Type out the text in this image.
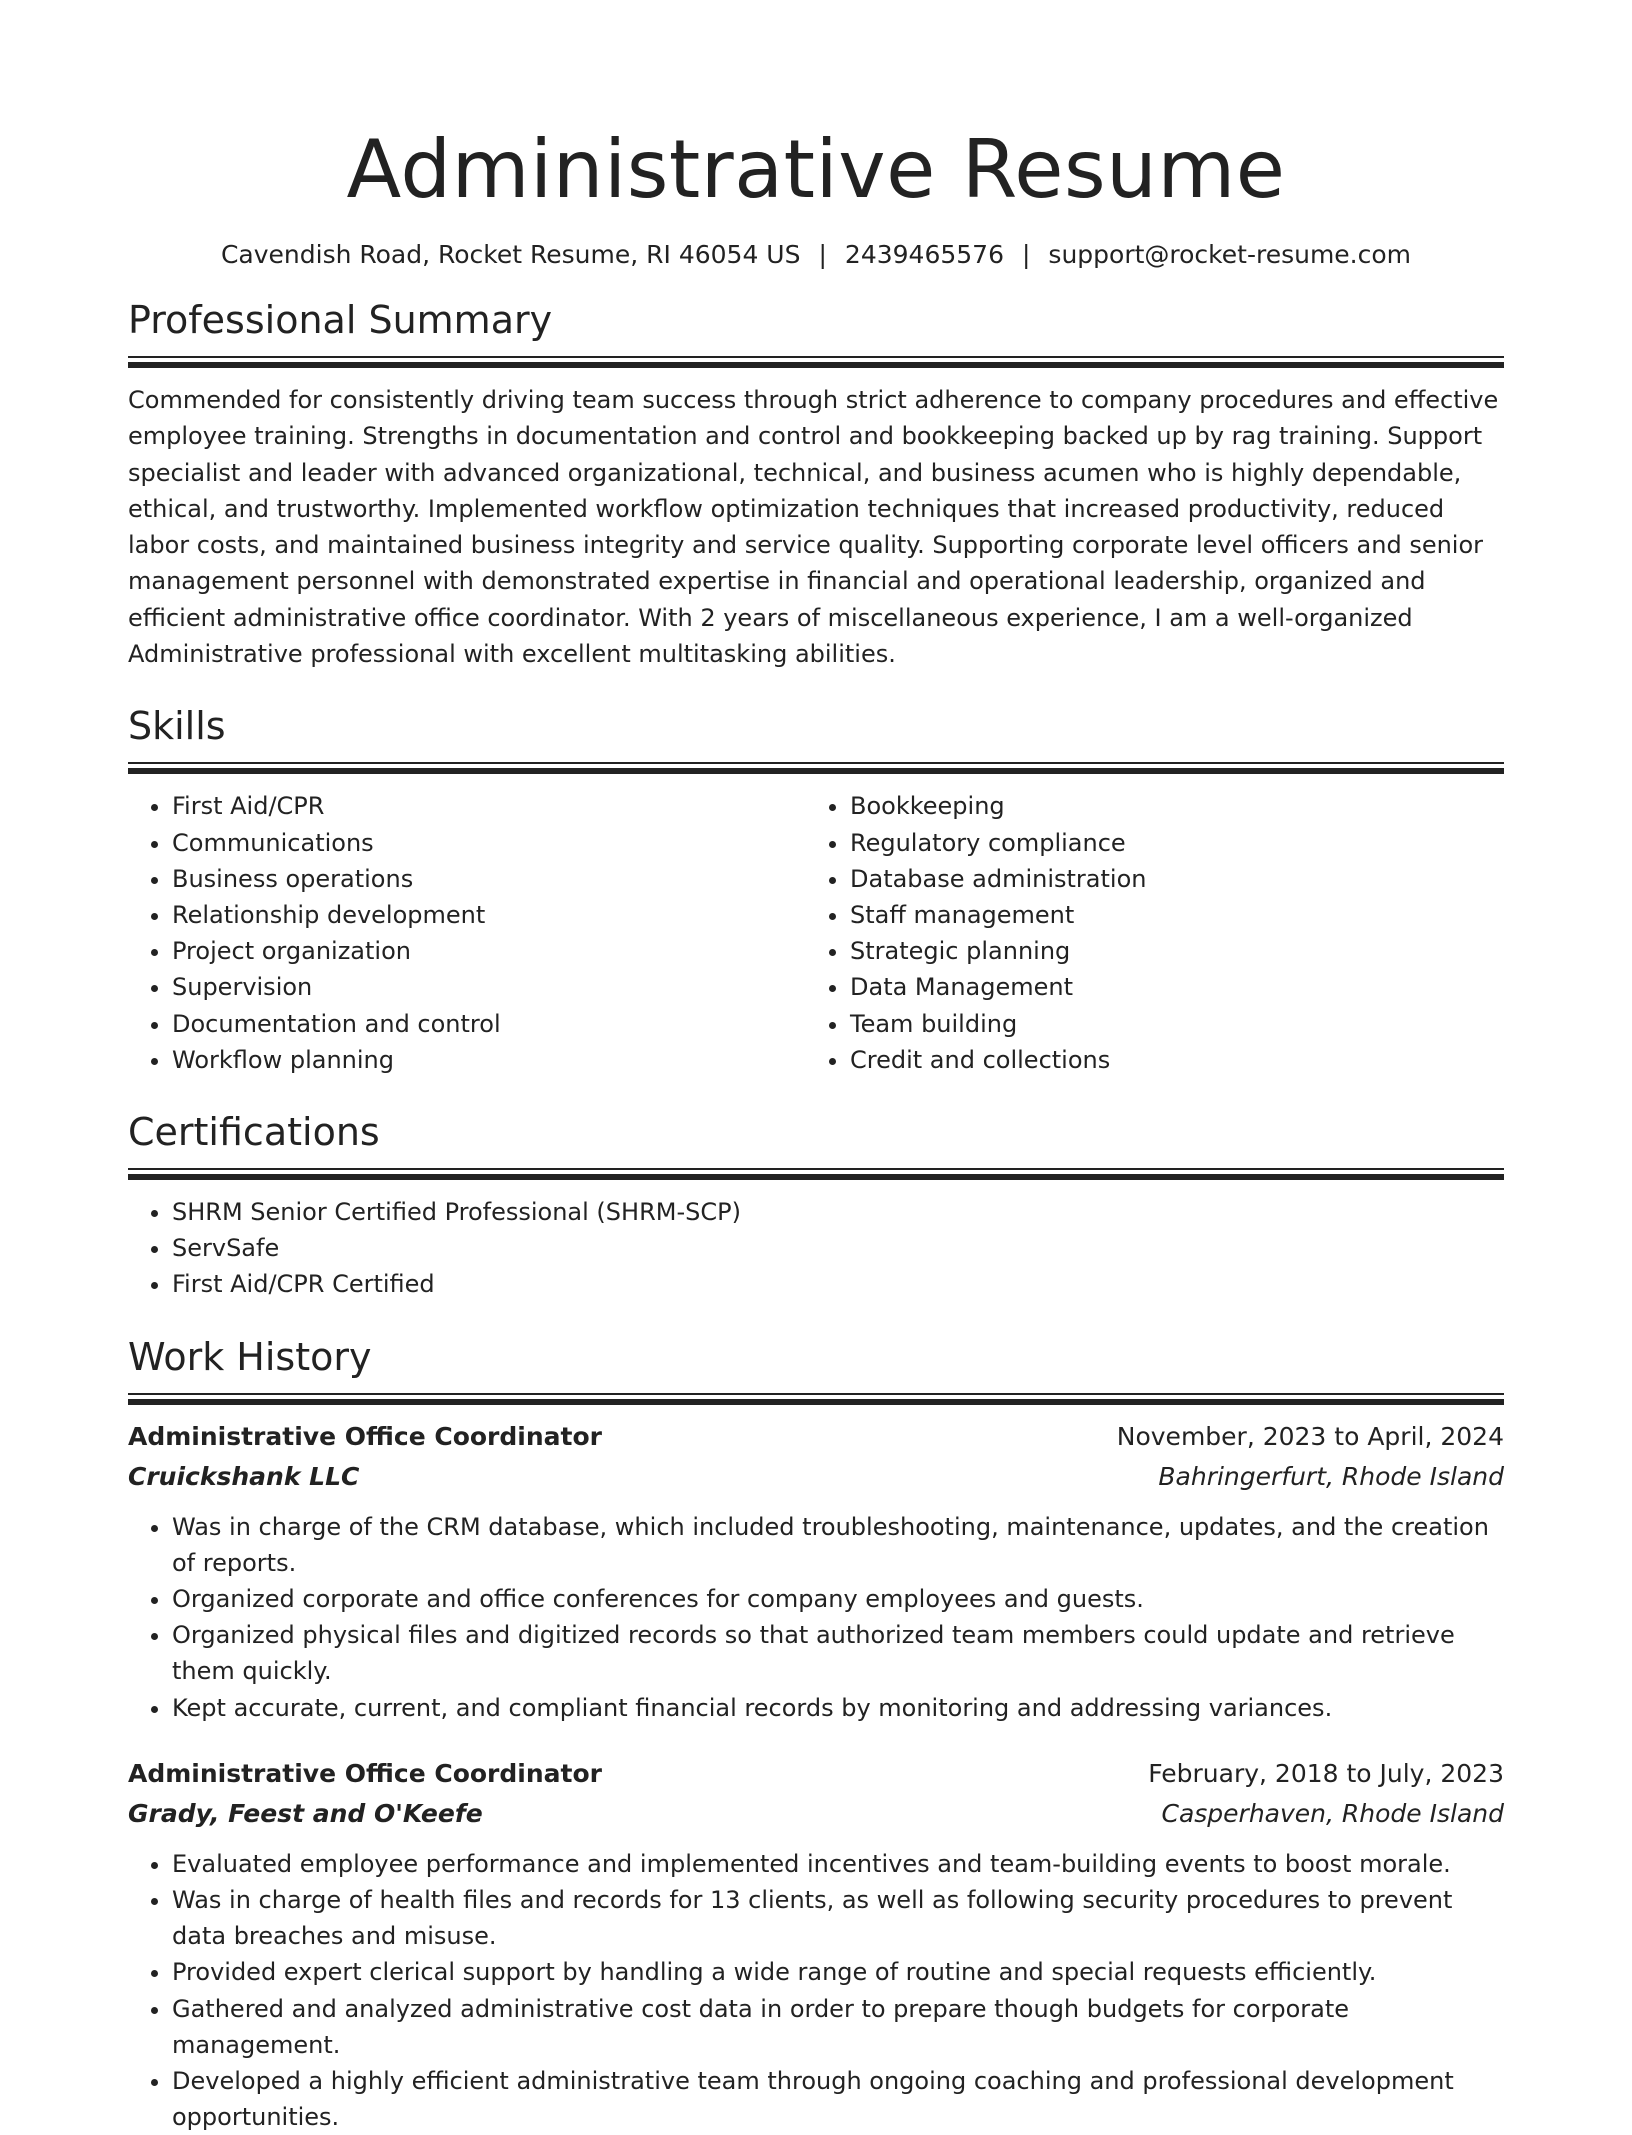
Administrative Resume
Cavendish Road, Rocket Resume, RI 46054 US | 2439465576 | support@rocket-resume.com
Professional Summary

Commended for consistently driving team success through strict adherence to company procedures and effective employee training. Strengths in documentation and control and bookkeeping backed up by rag training. Support specialist and leader with advanced organizational, technical, and business acumen who is highly dependable, ethical, and trustworthy. Implemented workflow optimization techniques that increased productivity, reduced labor costs, and maintained business integrity and service quality. Supporting corporate level officers and senior management personnel with demonstrated expertise in financial and operational leadership, organized and efficient administrative office coordinator. With 2 years of miscellaneous experience, I am a well-organized Administrative professional with excellent multitasking abilities.

Skills
• First Aid/CPR
• Communications
• Business operations
• Relationship development
• Project organization
• Supervision
• Documentation and control
• Workflow planning
• Bookkeeping
• Regulatory compliance
• Database administration
• Staff management
• Strategic planning
• Data Management
• Team building
• Credit and collections
Certifications
• SHRM Senior Certified Professional (SHRM-SCP)
• ServSafe
• First Aid/CPR Certified
Work History
Administrative Office Coordinator	November, 2023 to April, 2024
Cruickshank LLC	Bahringerfurt, Rhode Island
• Was in charge of the CRM database, which included troubleshooting, maintenance, updates, and the creation of reports.
• Organized corporate and office conferences for company employees and guests.
• Organized physical files and digitized records so that authorized team members could update and retrieve them quickly.
• Kept accurate, current, and compliant financial records by monitoring and addressing variances.
Administrative Office Coordinator	February, 2018 to July, 2023
Grady, Feest and O'Keefe	Casperhaven, Rhode Island
• Evaluated employee performance and implemented incentives and team-building events to boost morale.
• Was in charge of health files and records for 13 clients, as well as following security procedures to prevent data breaches and misuse.
• Provided expert clerical support by handling a wide range of routine and special requests efficiently.
• Gathered and analyzed administrative cost data in order to prepare though budgets for corporate management.
• Developed a highly efficient administrative team through ongoing coaching and professional development opportunities.
